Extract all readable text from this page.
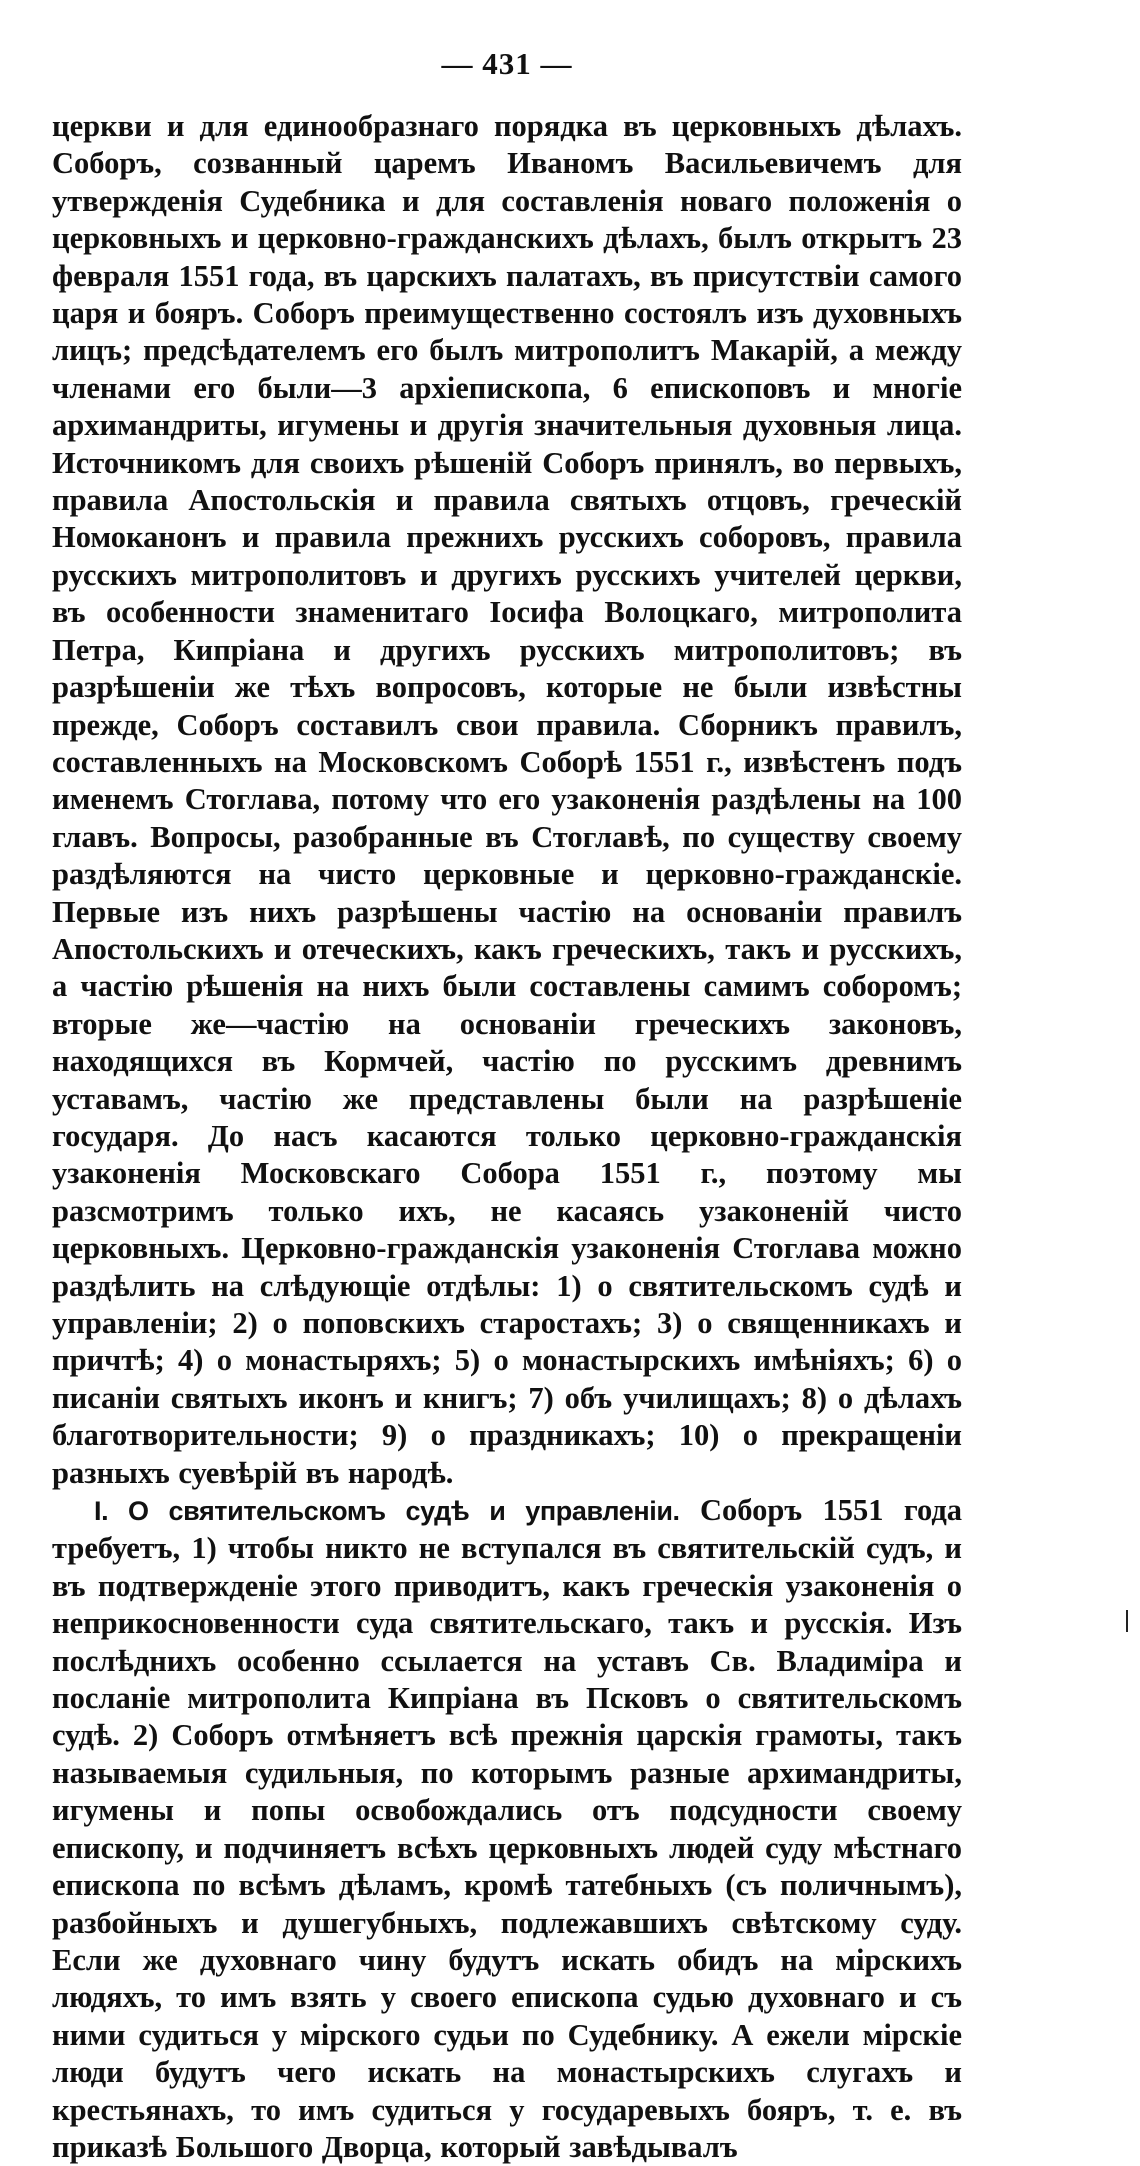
— 431 —

церкви и для единообразнаго порядка въ церковныхъ дѣлахъ. Соборъ, созванный царемъ Иваномъ Васильевичемъ для утвержденія Судебника и для составленія новаго положенія о церковныхъ и церковно-гражданскихъ дѣлахъ, былъ открытъ 23 февраля 1551 года, въ царскихъ палатахъ, въ присутствіи самого царя и бояръ. Соборъ преимущественно состоялъ изъ духовныхъ лицъ; предсѣдателемъ его былъ митрополитъ Макарій, а между членами его были—3 архіепископа, 6 епископовъ и многіе архимандриты, игумены и другія значительныя духовныя лица. Источникомъ для своихъ рѣшеній Соборъ принялъ, во первыхъ, правила Апостольскія и правила святыхъ отцовъ, греческій Номоканонъ и правила прежнихъ русскихъ соборовъ, правила русскихъ митрополитовъ и другихъ русскихъ учителей церкви, въ особенности знаменитаго Іосифа Волоцкаго, митрополита Петра, Кипріана и другихъ русскихъ митрополитовъ; въ разрѣшеніи же тѣхъ вопросовъ, которые не были извѣстны прежде, Соборъ составилъ свои правила. Сборникъ правилъ, составленныхъ на Московскомъ Соборѣ 1551 г., извѣстенъ подъ именемъ Стоглава, потому что его узаконенія раздѣлены на 100 главъ. Вопросы, разобранные въ Стоглавѣ, по существу своему раздѣляются на чисто церковные и церковно-гражданскіе. Первые изъ нихъ разрѣшены частію на основаніи правилъ Апостольскихъ и отеческихъ, какъ греческихъ, такъ и русскихъ, а частію рѣшенія на нихъ были составлены самимъ соборомъ; вторые же—частію на основаніи греческихъ законовъ, находящихся въ Кормчей, частію по русскимъ древнимъ уставамъ, частію же представлены были на разрѣшеніе государя. До насъ касаются только церковно-гражданскія узаконенія Московскаго Собора 1551 г., поэтому мы разсмотримъ только ихъ, не касаясь узаконеній чисто церковныхъ. Церковно-гражданскія узаконенія Стоглава можно раздѣлить на слѣдующіе отдѣлы: 1) о святительскомъ судѣ и управленіи; 2) о поповскихъ старостахъ; 3) о священникахъ и причтѣ; 4) о монастыряхъ; 5) о монастырскихъ имѣніяхъ; 6) о писаніи святыхъ иконъ и книгъ; 7) объ училищахъ; 8) о дѣлахъ благотворительности; 9) о праздникахъ; 10) о прекращеніи разныхъ суевѣрій въ народѣ.

I. О святительскомъ судѣ и управленіи. Соборъ 1551 года требуетъ, 1) чтобы никто не вступался въ святительскій судъ, и въ подтвержденіе этого приводитъ, какъ греческія узаконенія о неприкосновенности суда святительскаго, такъ и русскія. Изъ послѣднихъ особенно ссылается на уставъ Св. Владиміра и посланіе митрополита Кипріана въ Псковъ о святительскомъ судѣ. 2) Соборъ отмѣняетъ всѣ прежнія царскія грамоты, такъ называемыя судильныя, по которымъ разные архимандриты, игумены и попы освобождались отъ подсудности своему епископу, и подчиняетъ всѣхъ церковныхъ людей суду мѣстнаго епископа по всѣмъ дѣламъ, кромѣ татебныхъ (съ поличнымъ), разбойныхъ и душегубныхъ, подлежавшихъ свѣтскому суду. Если же духовнаго чину будутъ искать обидъ на мірскихъ людяхъ, то имъ взять у своего епископа судью духовнаго и съ ними судиться у мірского судьи по Судебнику. А ежели мірскіе люди будутъ чего искать на монастырскихъ слугахъ и крестьянахъ, то имъ судиться у государевыхъ бояръ, т. е. въ приказѣ Большого Дворца, который завѣдывалъ
